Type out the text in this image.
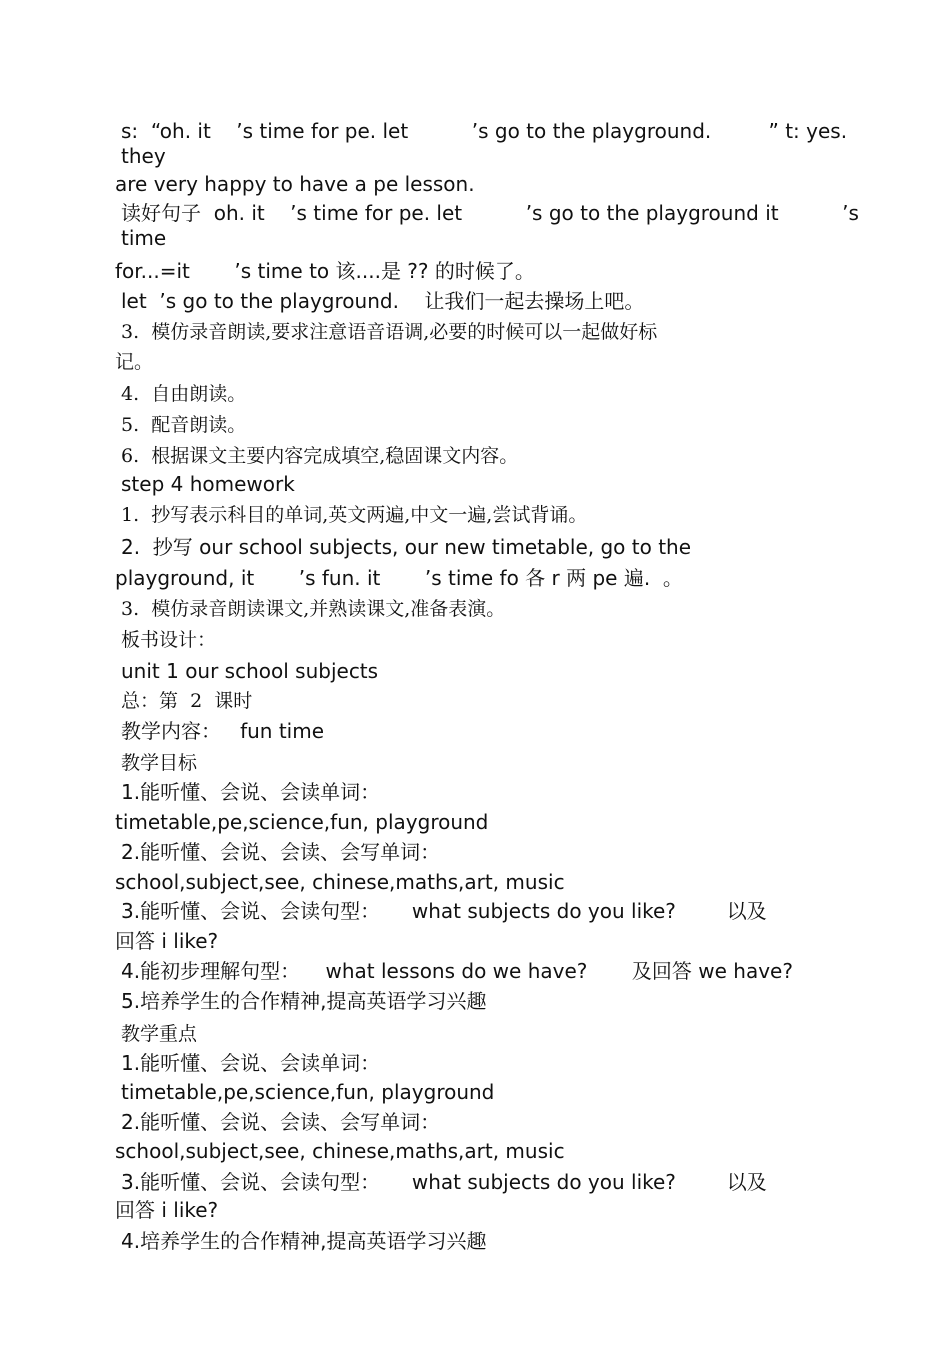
s:  “oh. it    ’s time for pe. let          ’s go to the playground.         ” t: yes.
they
are very happy to have a pe lesson.
读好句子  oh. it    ’s time for pe. let          ’s go to the playground it          ’s
time
for...=it       ’s time to 该....是 ?? 的时候了。
let  ’s go to the playground.    让我们一起去操场上吧。
3.  模仿录音朗读,要求注意语音语调,必要的时候可以一起做好标
记。
4.  自由朗读。
5.  配音朗读。
6.  根据课文主要内容完成填空,稳固课文内容。
step 4 homework
1.  抄写表示科目的单词,英文两遍,中文一遍,尝试背诵。
2.  抄写 our school subjects, our new timetable, go to the
playground, it       ’s fun. it       ’s time fo 各 r 两 pe 遍.  。
3.  模仿录音朗读课文,并熟读课文,准备表演。
板书设计：
unit 1 our school subjects
总：第  2  课时
教学内容：   fun time
教学目标
1.能听懂、会说、会读单词：
timetable,pe,science,fun, playground
2.能听懂、会说、会读、会写单词：
school,subject,see, chinese,maths,art, music
3.能听懂、会说、会读句型：     what subjects do you like?        以及
回答 i like?
4.能初步理解句型：    what lessons do we have?       及回答 we have?
5.培养学生的合作精神,提高英语学习兴趣
教学重点
1.能听懂、会说、会读单词：
timetable,pe,science,fun, playground
2.能听懂、会说、会读、会写单词：
school,subject,see, chinese,maths,art, music
3.能听懂、会说、会读句型：     what subjects do you like?        以及
回答 i like?
4.培养学生的合作精神,提高英语学习兴趣
